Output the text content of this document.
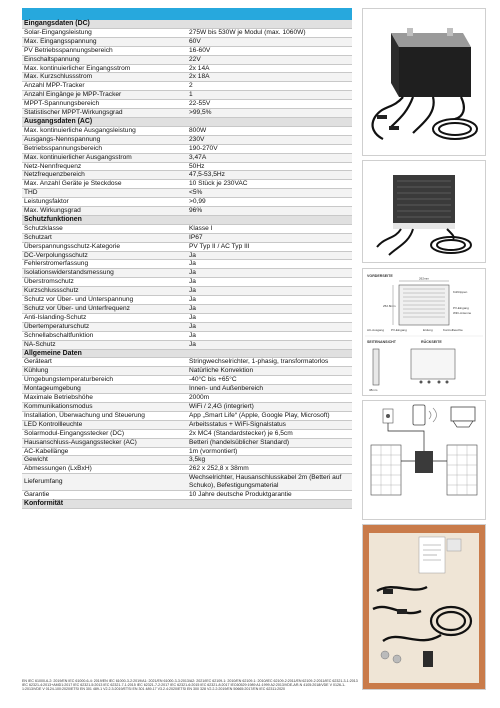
Eingangsdaten (DC)	
Solar-Eingangsleistung	275W bis 530W je Modul (max. 1060W)
Max. Eingangsspannung	60V
PV Betriebsspannungsbereich	16-60V
Einschaltspannung	22V
Max. kontinuierlicher Eingangsstrom	2x 14A
Max. Kurzschlussstrom	2x 18A
Anzahl MPP-Tracker	2
Anzahl Eingänge je MPP-Tracker	1
MPPT-Spannungsbereich	22-55V
Statistischer MPPT-Wirkungsgrad	>99,5%
Ausgangsdaten (AC)	
Max. kontinuierliche Ausgangsleistung	800W
Ausgangs-Nennspannung	230V
Betriebsspannungsbereich	190-270V
Max. kontinuierlicher Ausgangsstrom	3,47A
Netz-Nennfrequenz	50Hz
Netzfrequenzbereich	47,5-53,5Hz
Max. Anzahl Geräte je Steckdose	10 Stück je 230VAC
THD	<5%
Leistungsfaktor	>0,99
Max. Wirkungsgrad	96%
Schutzfunktionen	
Schutzklasse	Klasse I
Schutzart	IP67
Überspannungsschutz-Kategorie	PV Typ II / AC Typ III
DC-Verpolungsschutz	Ja
Fehlerstromerfassung	Ja
Isolationswiderstandsmessung	Ja
Überstromschutz	Ja
Kurzschlussschutz	Ja
Schutz vor Über- und Unterspannung	Ja
Schutz vor Über- und Unterfrequenz	Ja
Anti-Islanding-Schutz	Ja
Übertemperaturschutz	Ja
Schnellabschaltfunktion	Ja
NA-Schutz	Ja
Allgemeine Daten	
Geräteart	Stringwechselrichter, 1-phasig, transformatorlos
Kühlung	Natürliche Konvektion
Umgebungstemperaturbereich	-40°C bis +65°C
Montageumgebung	Innen- und Außenbereich
Maximale Betriebshöhe	2000m
Kommunikationsmodus	WiFi / 2,4G (integriert)
Installation, Überwachung und Steuerung	App „Smart Life“ (Apple, Google Play, Microsoft)
LED Kontrollleuchte	Arbeitsstatus + WiFi-Signalstatus
Solarmodul-Eingangsstecker (DC)	2x MC4 (Standardstecker) je 6,5cm
Hausanschluss-Ausgangsstecker (AC)	Betteri (handelsüblicher Standard)
AC-Kabellänge	1m (vormontiert)
Gewicht	3,5kg
Abmessungen (LxBxH)	262 x 252,8 x 38mm
Lieferumfang	Wechselrichter, Hausanschlusskabel 2m (Betteri auf Schuko), Befestigungsmaterial
Garantie	10 Jahre deutsche Produktgarantie
Konformität	
EN IEC 61000-6-2: 2019/EN IEC 61000-6-4: 2019/EN IEC 61000-3-2:2019/A1: 2021/EN 61000-3-3:2013/A2: 2021/IEC 62109-1: 2010/EN 62109-1: 2010/IEC 62109-2:2011/EN 62109-2:2011/IEC 62321-3-1:2013 IEC 62321-4:2013+AMD1:2017 IEC 62321-5:2013 IEC 62321-7-1:2015 IEC 62321-7-2:2017 IEC 62321-6:2015 IEC 62321-8:2017 IEC60529:1989 A1:1999 A2:2013/VDE-AR-N 4105:2018/VDE V 0126-1-1:2013/VDE V 0124-100:2020/ETSI EN 301 489-1 V2.2.3:2019/ETSI EN 301 489-17 V3.2.4:2020/ETSI EN 300 328 V2.2.2:2019/EN 50665:2017/EN IEC 62311:2020
VORDERSEITE
262mm
252.8mm
Kühlrippen
PV-Eingang
WiFi-Antenne
AC-Ausgang PV-Eingang	Erdung	Kontrollleuchte
SEITENANSICHT	RÜCKSEITE
38mm
